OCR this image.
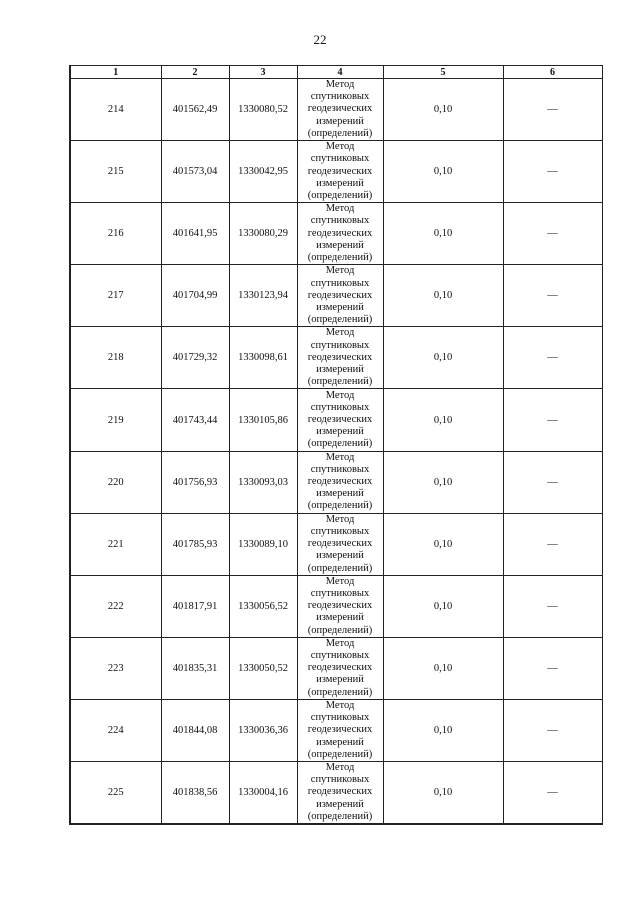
22
1	2	3	4	5	6
214	401562,49	1330080,52	Метод
спутниковых
геодезических
измерений
(определений)	0,10	—
215	401573,04	1330042,95	Метод
спутниковых
геодезических
измерений
(определений)	0,10	—
216	401641,95	1330080,29	Метод
спутниковых
геодезических
измерений
(определений)	0,10	—
217	401704,99	1330123,94	Метод
спутниковых
геодезических
измерений
(определений)	0,10	—
218	401729,32	1330098,61	Метод
спутниковых
геодезических
измерений
(определений)	0,10	—
219	401743,44	1330105,86	Метод
спутниковых
геодезических
измерений
(определений)	0,10	—
220	401756,93	1330093,03	Метод
спутниковых
геодезических
измерений
(определений)	0,10	—
221	401785,93	1330089,10	Метод
спутниковых
геодезических
измерений
(определений)	0,10	—
222	401817,91	1330056,52	Метод
спутниковых
геодезических
измерений
(определений)	0,10	—
223	401835,31	1330050,52	Метод
спутниковых
геодезических
измерений
(определений)	0,10	—
224	401844,08	1330036,36	Метод
спутниковых
геодезических
измерений
(определений)	0,10	—
225	401838,56	1330004,16	Метод
спутниковых
геодезических
измерений
(определений)	0,10	—
